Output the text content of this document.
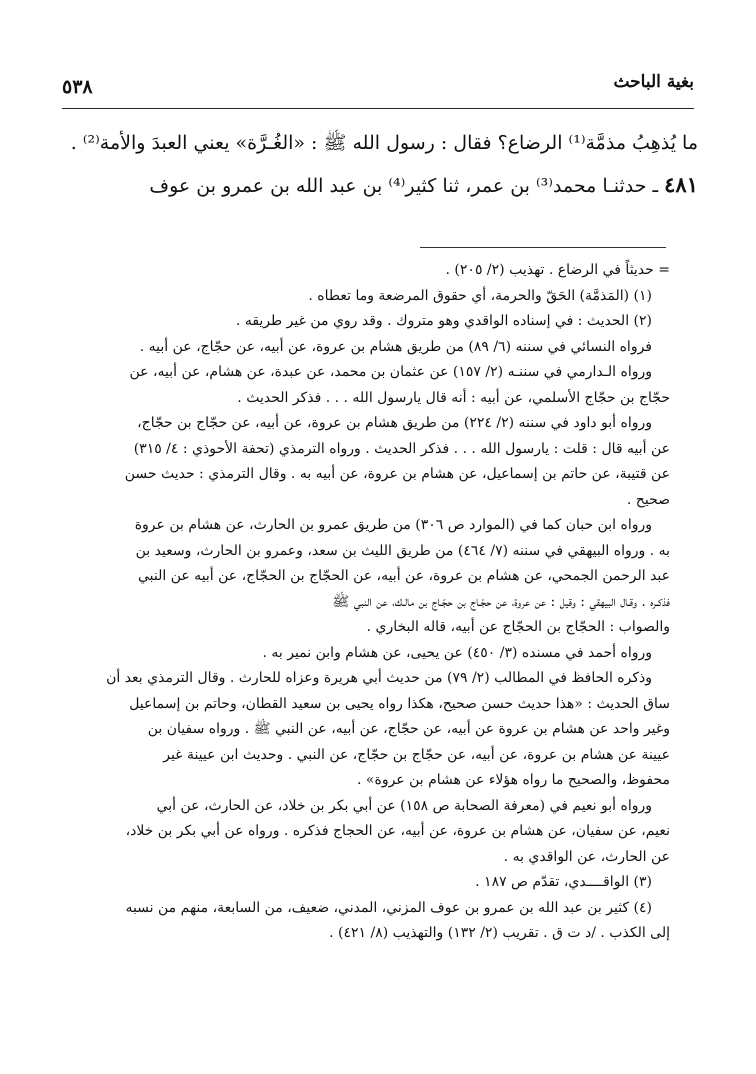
بغية الباحث
٥٣٨

ما يُذهِبُ مذمَّة⁽¹⁾ الرضاع؟ فقال : رسول الله ﷺ : «الغُـرَّة» يعني العبدَ والأمة⁽²⁾ .

٤٨١ ـ حدثنـا محمد⁽³⁾ بن عمر، ثنا كثير⁽⁴⁾ بن عبد الله بن عمرو بن عوف

= حديثاً في الرضاع . تهذيب (٢/ ٢٠٥) .

(١) (المَذمَّة) الحَقّ والحرمة، أي حقوق المرضعة وما تعطاه .

(٢) الحديث : في إسناده الواقدي وهو متروك . وقد روي من غير طريقه .

فرواه النسائي في سننه (٦/ ٨٩) من طريق هشام بن عروة، عن أبيه، عن حجّاج، عن أبيه .

ورواه الـدارمي في سننـه (٢/ ١٥٧) عن عثمان بن محمد، عن عبدة، عن هشام، عن أبيه، عن

حجّاج بن حجّاج الأسلمي، عن أبيه : أنه قال يارسول الله . . . فذكر الحديث .

ورواه أبو داود في سننه (٢/ ٢٢٤) من طريق هشام بن عروة، عن أبيه، عن حجّاج بن حجّاج،

عن أبيه قال : قلت : يارسول الله . . . فذكر الحديث . ورواه الترمذي (تحفة الأحوذي : ٤/ ٣١٥)

عن قتيبة، عن حاتم بن إسماعيل، عن هشام بن عروة، عن أبيه به . وقال الترمذي : حديث حسن

صحيح .

ورواه ابن حبان كما في (الموارد ص ٣٠٦) من طريق عمرو بن الحارث، عن هشام بن عروة

به . ورواه البيهقي في سننه (٧/ ٤٦٤) من طريق الليث بن سعد، وعمرو بن الحارث، وسعيد بن

عبد الرحمن الجمحي، عن هشام بن عروة، عن أبيه، عن الحجّاج بن الحجّاج، عن أبيه عن النبي

فذكـره . وقـال البيهقي : وقيل : عن عروة، عن حجّـاج بن حجّـاج بن مالـك، عن النبي ﷺ

والصواب : الحجّاج بن الحجّاج عن أبيه، قاله البخاري .

ورواه أحمد في مسنده (٣/ ٤٥٠) عن يحيى، عن هشام وابن نمير به .

وذكره الحافظ في المطالب (٢/ ٧٩) من حديث أبي هريرة وعزاه للحارث . وقال الترمذي بعد أن

ساق الحديث : «هذا حديث حسن صحيح، هكذا رواه يحيى بن سعيد القطان، وحاتم بن إسماعيل

وغير واحد عن هشام بن عروة عن أبيه، عن حجّاج، عن أبيه، عن النبي ﷺ . ورواه سفيان بن

عيينة عن هشام بن عروة، عن أبيه، عن حجّاج بن حجّاج، عن النبي . وحديث ابن عيينة غير

محفوظ، والصحيح ما رواه هؤلاء عن هشام بن عروة» .

ورواه أبو نعيم في (معرفة الصحابة ص ١٥٨) عن أبي بكر بن خلاد، عن الحارث، عن أبي

نعيم، عن سفيان، عن هشام بن عروة، عن أبيه، عن الحجاج فذكره . ورواه عن أبي بكر بن خلاد،

عن الحارث، عن الواقدي به .

(٣) الواقــــدي، تقدّم ص ١٨٧ .

(٤) كثير بن عبد الله بن عمرو بن عوف المزني، المدني، ضعيف، من السابعة، منهم من نسبه

إلى الكذب . /د ت ق . تقريب (٢/ ١٣٢) والتهذيب (٨/ ٤٢١) .
